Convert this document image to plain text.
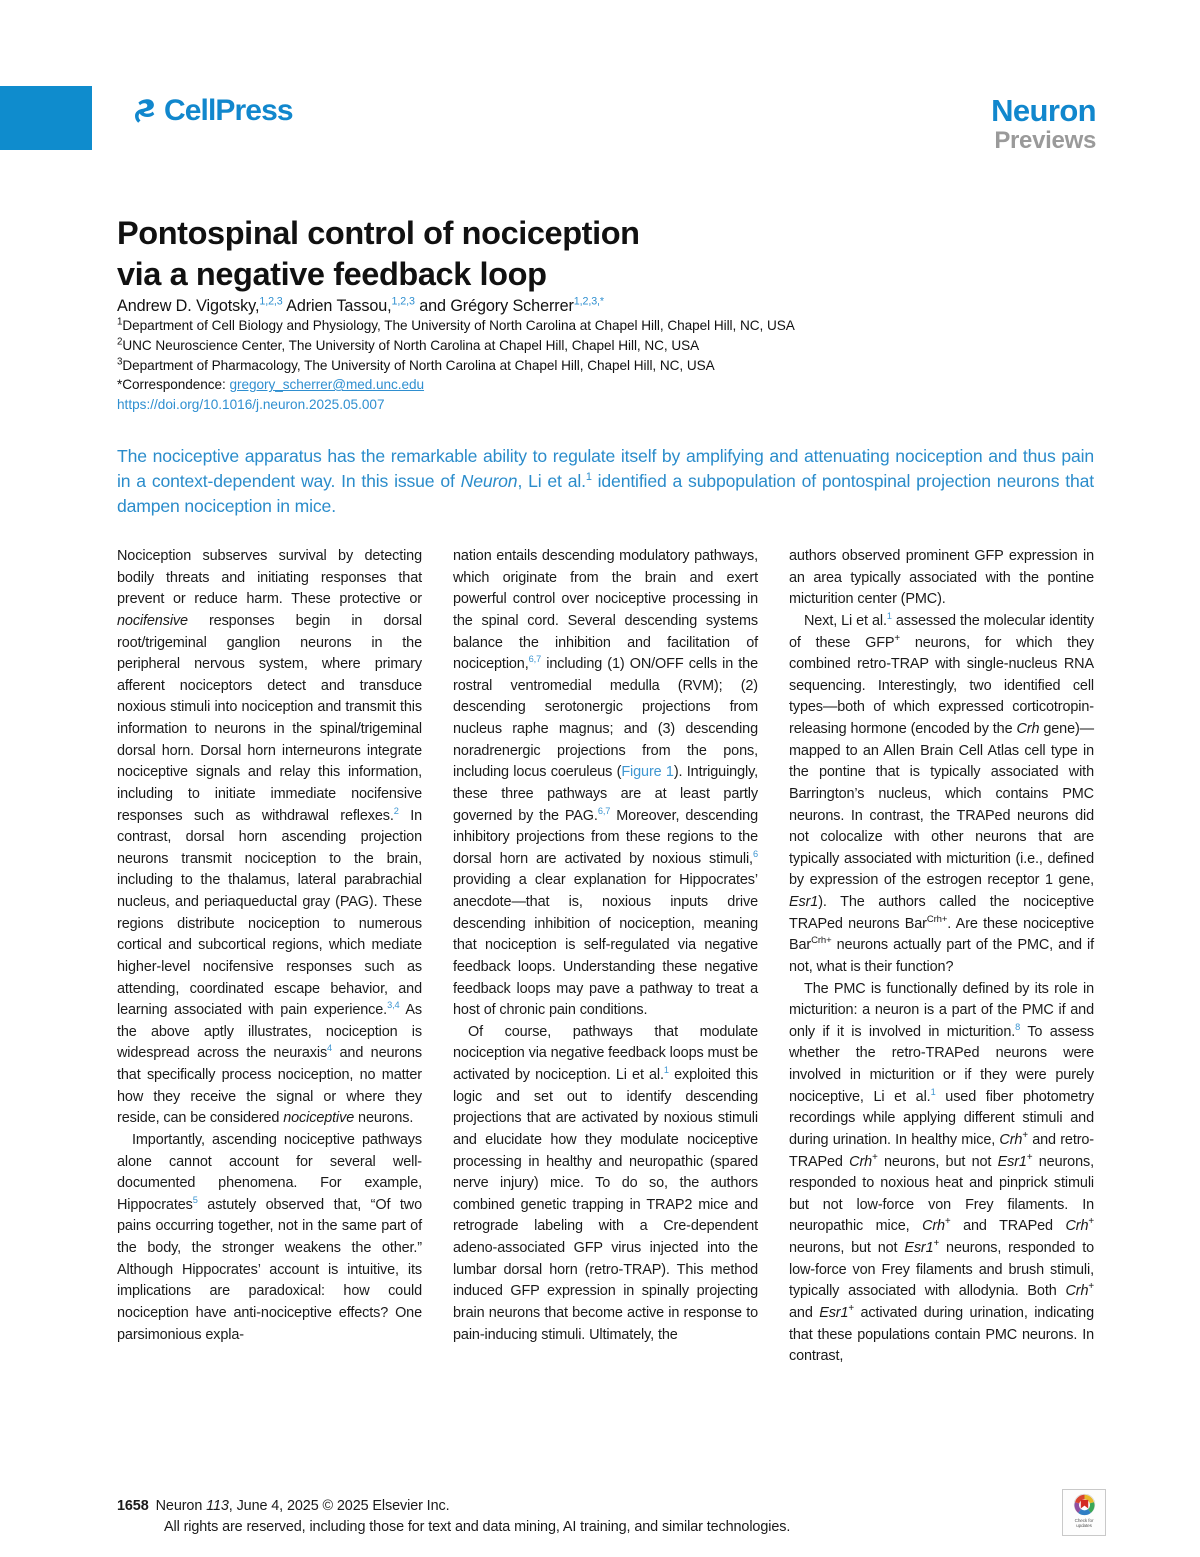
CellPress	Neuron
Previews
Pontospinal control of nociception
via a negative feedback loop
Andrew D. Vigotsky,$^{1,2,3}$ Adrien Tassou,$^{1,2,3}$ and Grégory Scherrer$^{1,2,3,*}$
$^1$Department of Cell Biology and Physiology, The University of North Carolina at Chapel Hill, Chapel Hill, NC, USA
$^2$UNC Neuroscience Center, The University of North Carolina at Chapel Hill, Chapel Hill, NC, USA
$^3$Department of Pharmacology, The University of North Carolina at Chapel Hill, Chapel Hill, NC, USA
*Correspondence: gregory_scherrer@med.unc.edu
https://doi.org/10.1016/j.neuron.2025.05.007
The nociceptive apparatus has the remarkable ability to regulate itself by amplifying and attenuating nociception and thus pain in a context-dependent way. In this issue of Neuron, Li et al.$^1$ identified a subpopulation of pontospinal projection neurons that dampen nociception in mice.

Nociception subserves survival by detecting bodily threats and initiating responses that prevent or reduce harm. These protective or nocifensive responses begin in dorsal root/trigeminal ganglion neurons in the peripheral nervous system, where primary afferent nociceptors detect and transduce noxious stimuli into nociception and transmit this information to neurons in the spinal/trigeminal dorsal horn. Dorsal horn interneurons integrate nociceptive signals and relay this information, including to initiate immediate nocifensive responses such as withdrawal reflexes.$^2$ In contrast, dorsal horn ascending projection neurons transmit nociception to the brain, including to the thalamus, lateral parabrachial nucleus, and periaqueductal gray (PAG). These regions distribute nociception to numerous cortical and subcortical regions, which mediate higher-level nocifensive responses such as attending, coordinated escape behavior, and learning associated with pain experience.$^{3,4}$ As the above aptly illustrates, nociception is widespread across the neuraxis$^4$ and neurons that specifically process nociception, no matter how they receive the signal or where they reside, can be considered nociceptive neurons.

Importantly, ascending nociceptive pathways alone cannot account for several well-documented phenomena. For example, Hippocrates$^5$ astutely observed that, “Of two pains occurring together, not in the same part of the body, the stronger weakens the other.” Although Hippocrates’ account is intuitive, its implications are paradoxical: how could nociception have anti-nociceptive effects? One parsimonious expla-

nation entails descending modulatory pathways, which originate from the brain and exert powerful control over nociceptive processing in the spinal cord. Several descending systems balance the inhibition and facilitation of nociception,$^{6,7}$ including (1) ON/OFF cells in the rostral ventromedial medulla (RVM); (2) descending serotonergic projections from nucleus raphe magnus; and (3) descending noradrenergic projections from the pons, including locus coeruleus (Figure 1). Intriguingly, these three pathways are at least partly governed by the PAG.$^{6,7}$ Moreover, descending inhibitory projections from these regions to the dorsal horn are activated by noxious stimuli,$^6$ providing a clear explanation for Hippocrates’ anecdote—that is, noxious inputs drive descending inhibition of nociception, meaning that nociception is self-regulated via negative feedback loops. Understanding these negative feedback loops may pave a pathway to treat a host of chronic pain conditions.

Of course, pathways that modulate nociception via negative feedback loops must be activated by nociception. Li et al.$^1$ exploited this logic and set out to identify descending projections that are activated by noxious stimuli and elucidate how they modulate nociceptive processing in healthy and neuropathic (spared nerve injury) mice. To do so, the authors combined genetic trapping in TRAP2 mice and retrograde labeling with a Cre-dependent adeno-associated GFP virus injected into the lumbar dorsal horn (retro-TRAP). This method induced GFP expression in spinally projecting brain neurons that become active in response to pain-inducing stimuli. Ultimately, the

authors observed prominent GFP expression in an area typically associated with the pontine micturition center (PMC).

Next, Li et al.$^1$ assessed the molecular identity of these GFP+ neurons, for which they combined retro-TRAP with single-nucleus RNA sequencing. Interestingly, two identified cell types—both of which expressed corticotropin-releasing hormone (encoded by the Crh gene)—mapped to an Allen Brain Cell Atlas cell type in the pontine that is typically associated with Barrington’s nucleus, which contains PMC neurons. In contrast, the TRAPed neurons did not colocalize with other neurons that are typically associated with micturition (i.e., defined by expression of the estrogen receptor 1 gene, Esr1). The authors called the nociceptive TRAPed neurons Bar$^{Crh+}$. Are these nociceptive Bar$^{Crh+}$ neurons actually part of the PMC, and if not, what is their function?

The PMC is functionally defined by its role in micturition: a neuron is a part of the PMC if and only if it is involved in micturition.$^8$ To assess whether the retro-TRAPed neurons were involved in micturition or if they were purely nociceptive, Li et al.$^1$ used fiber photometry recordings while applying different stimuli and during urination. In healthy mice, Crh+ and retro-TRAPed Crh+ neurons, but not Esr1+ neurons, responded to noxious heat and pinprick stimuli but not low-force von Frey filaments. In neuropathic mice, Crh+ and TRAPed Crh+ neurons, but not Esr1+ neurons, responded to low-force von Frey filaments and brush stimuli, typically associated with allodynia. Both Crh+ and Esr1+ activated during urination, indicating that these populations contain PMC neurons. In contrast,

1658 Neuron 113, June 4, 2025 © 2025 Elsevier Inc.
All rights are reserved, including those for text and data mining, AI training, and similar technologies.	Check for
updates
